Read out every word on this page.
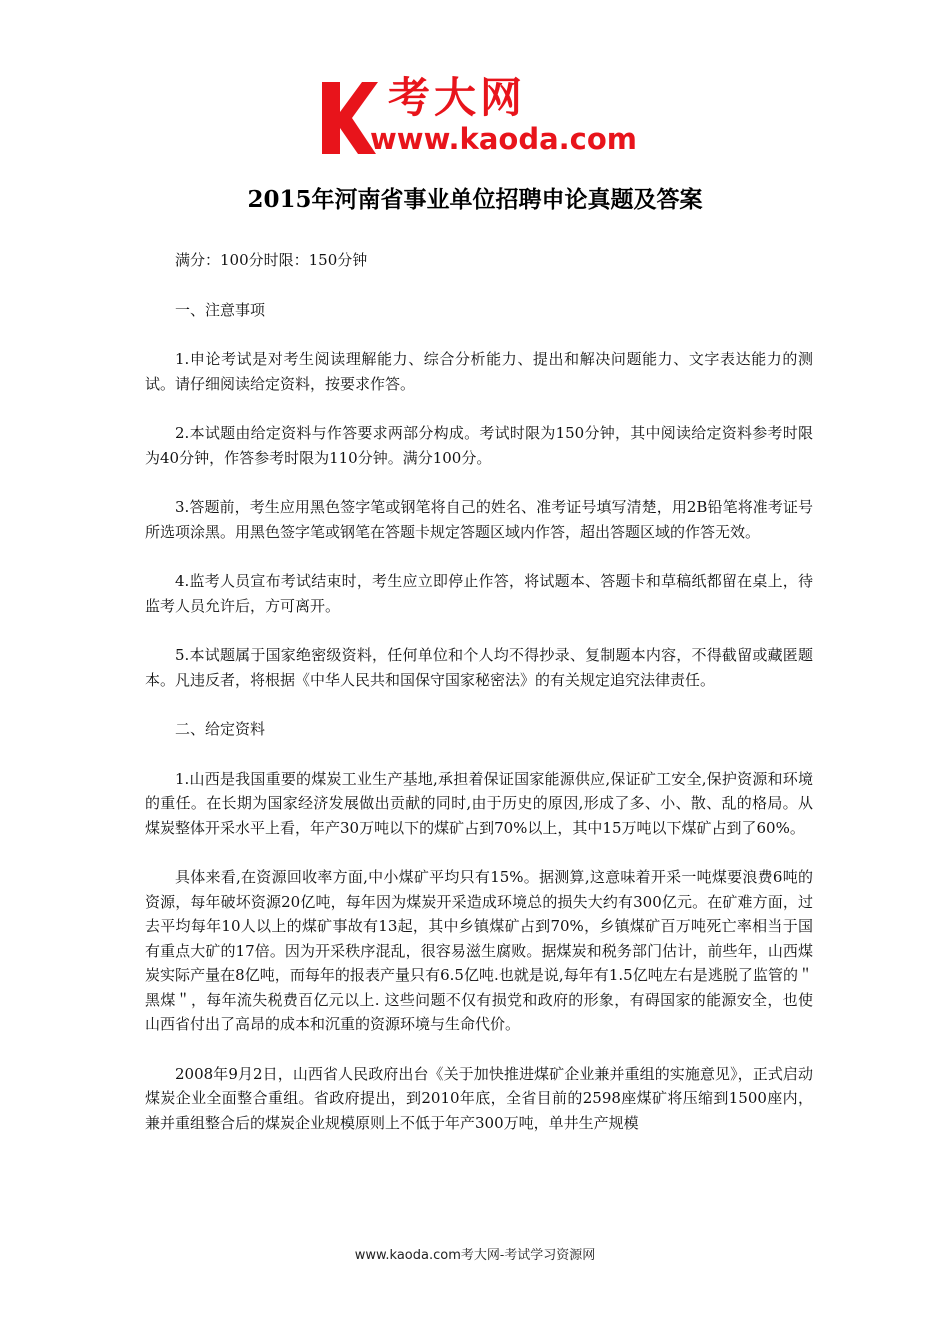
考大网
www.kaoda.com
2015年河南省事业单位招聘申论真题及答案

满分：100分时限：150分钟

一、注意事项

1.申论考试是对考生阅读理解能力、综合分析能力、提出和解决问题能力、文字表达能力的测试。请仔细阅读给定资料，按要求作答。

2.本试题由给定资料与作答要求两部分构成。考试时限为150分钟，其中阅读给定资料参考时限为40分钟，作答参考时限为110分钟。满分100分。

3.答题前，考生应用黑色签字笔或钢笔将自己的姓名、准考证号填写清楚，用2B铅笔将准考证号所选项涂黑。用黑色签字笔或钢笔在答题卡规定答题区域内作答，超出答题区域的作答无效。

4.监考人员宣布考试结束时，考生应立即停止作答，将试题本、答题卡和草稿纸都留在桌上，待监考人员允许后，方可离开。

5.本试题属于国家绝密级资料，任何单位和个人均不得抄录、复制题本内容，不得截留或藏匿题本。凡违反者，将根据《中华人民共和国保守国家秘密法》的有关规定追究法律责任。

二、给定资料

1.山西是我国重要的煤炭工业生产基地,承担着保证国家能源供应,保证矿工安全,保护资源和环境的重任。在长期为国家经济发展做出贡献的同时,由于历史的原因,形成了多、小、散、乱的格局。从煤炭整体开采水平上看，年产30万吨以下的煤矿占到70%以上，其中15万吨以下煤矿占到了60%。

具体来看,在资源回收率方面,中小煤矿平均只有15%。据测算,这意味着开采一吨煤要浪费6吨的资源，每年破坏资源20亿吨，每年因为煤炭开采造成环境总的损失大约有300亿元。在矿难方面，过去平均每年10人以上的煤矿事故有13起，其中乡镇煤矿占到70%，乡镇煤矿百万吨死亡率相当于国有重点大矿的17倍。因为开采秩序混乱，很容易滋生腐败。据煤炭和税务部门估计，前些年，山西煤炭实际产量在8亿吨，而每年的报表产量只有6.5亿吨.也就是说,每年有1.5亿吨左右是逃脱了监管的＂黑煤＂，每年流失税费百亿元以上. 这些问题不仅有损党和政府的形象，有碍国家的能源安全，也使山西省付出了高昂的成本和沉重的资源环境与生命代价。

2008年9月2日，山西省人民政府出台《关于加快推进煤矿企业兼并重组的实施意见》，正式启动煤炭企业全面整合重组。省政府提出，到2010年底，全省目前的2598座煤矿将压缩到1500座内，兼并重组整合后的煤炭企业规模原则上不低于年产300万吨，单井生产规模

www.kaoda.com考大网-考试学习资源网
